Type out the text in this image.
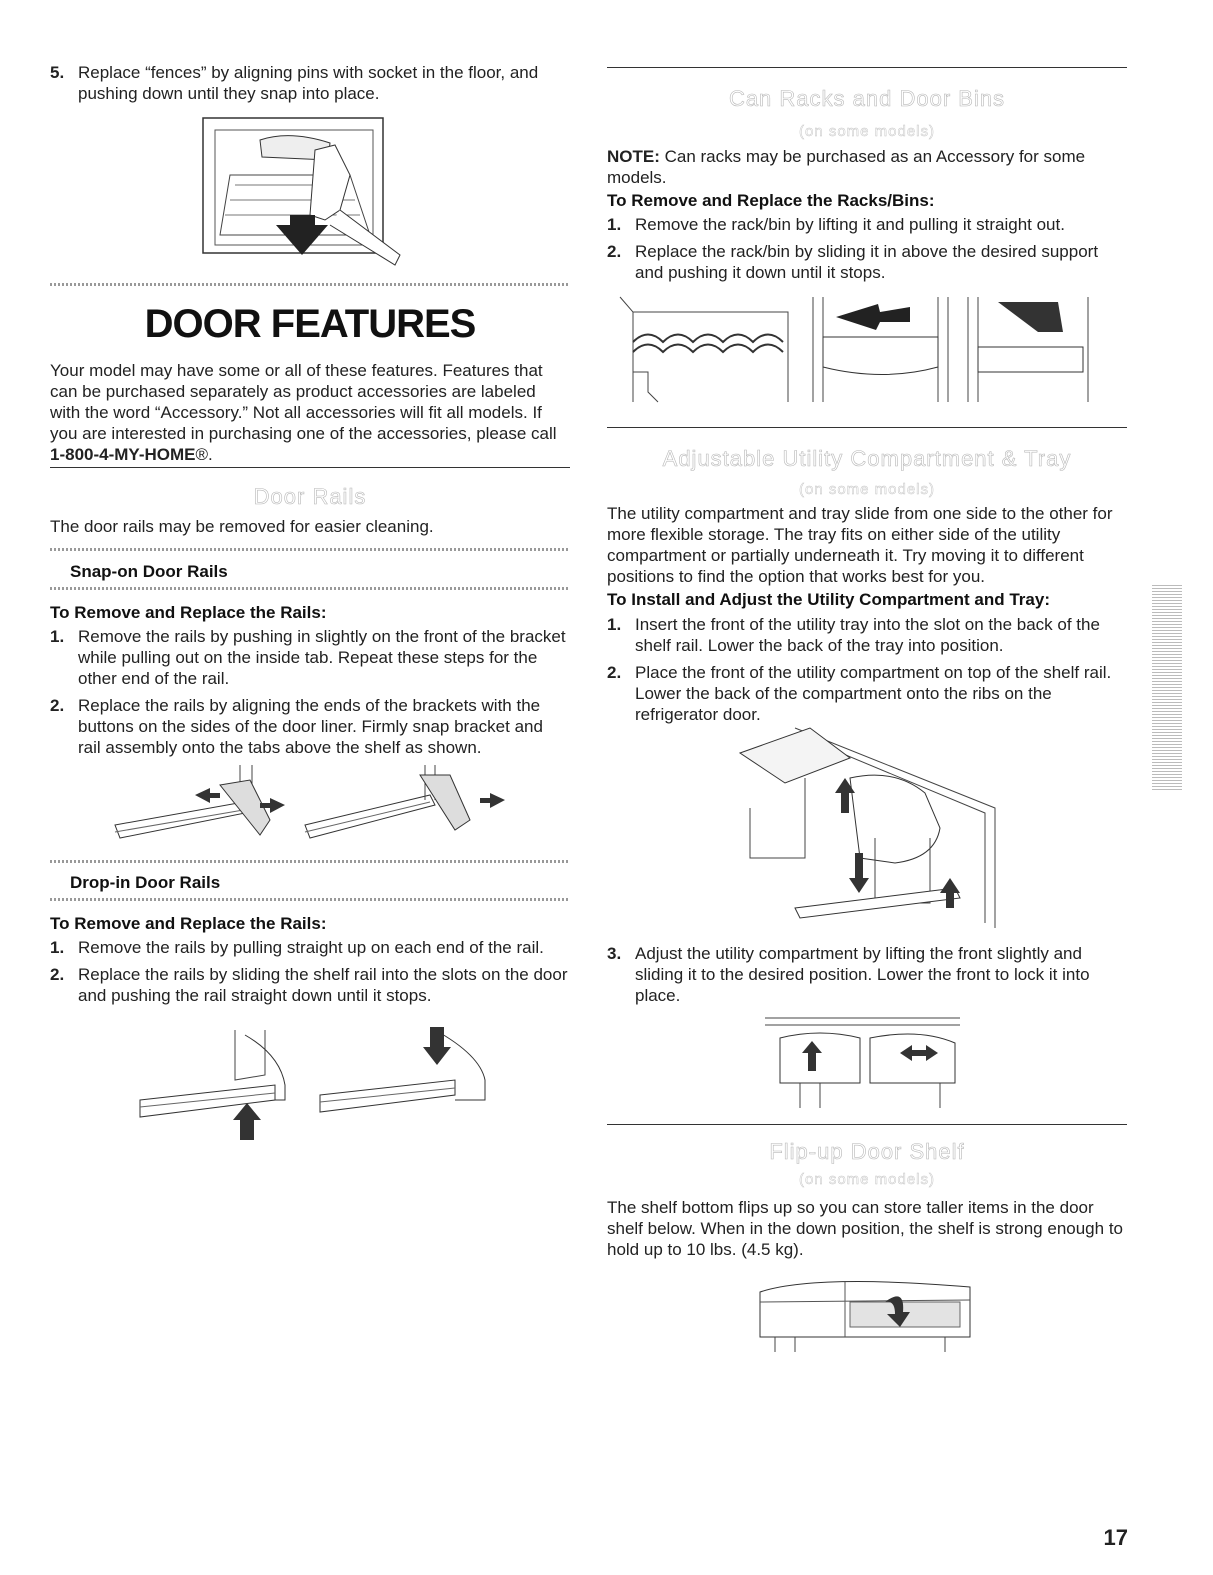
5. Replace “fences” by aligning pins with socket in the floor, and pushing down until they snap into place.
DOOR FEATURES

Your model may have some or all of these features. Features that can be purchased separately as product accessories are labeled with the word “Accessory.” Not all accessories will fit all models. If you are interested in purchasing one of the accessories, please call 1-800-4-MY-HOME®.

Door Rails

The door rails may be removed for easier cleaning.

Snap-on Door Rails
To Remove and Replace the Rails:
1. Remove the rails by pushing in slightly on the front of the bracket while pulling out on the inside tab. Repeat these steps for the other end of the rail.
2. Replace the rails by aligning the ends of the brackets with the buttons on the sides of the door liner. Firmly snap bracket and rail assembly onto the tabs above the shelf as shown.
Drop-in Door Rails
To Remove and Replace the Rails:
1. Remove the rails by pulling straight up on each end of the rail.
2. Replace the rails by sliding the shelf rail into the slots on the door and pushing the rail straight down until it stops.
Can Racks and Door Bins
(on some models)

NOTE: Can racks may be purchased as an Accessory for some models.

To Remove and Replace the Racks/Bins:
1. Remove the rack/bin by lifting it and pulling it straight out.
2. Replace the rack/bin by sliding it in above the desired support and pushing it down until it stops.
Adjustable Utility Compartment & Tray
(on some models)

The utility compartment and tray slide from one side to the other for more flexible storage. The tray fits on either side of the utility compartment or partially underneath it. Try moving it to different positions to find the option that works best for you.

To Install and Adjust the Utility Compartment and Tray:
1. Insert the front of the utility tray into the slot on the back of the shelf rail. Lower the back of the tray into position.
2. Place the front of the utility compartment on top of the shelf rail. Lower the back of the compartment onto the ribs on the refrigerator door.
3. Adjust the utility compartment by lifting the front slightly and sliding it to the desired position. Lower the front to lock it into place.
Flip-up Door Shelf
(on some models)

The shelf bottom flips up so you can store taller items in the door shelf below. When in the down position, the shelf is strong enough to hold up to 10 lbs. (4.5 kg).

17
